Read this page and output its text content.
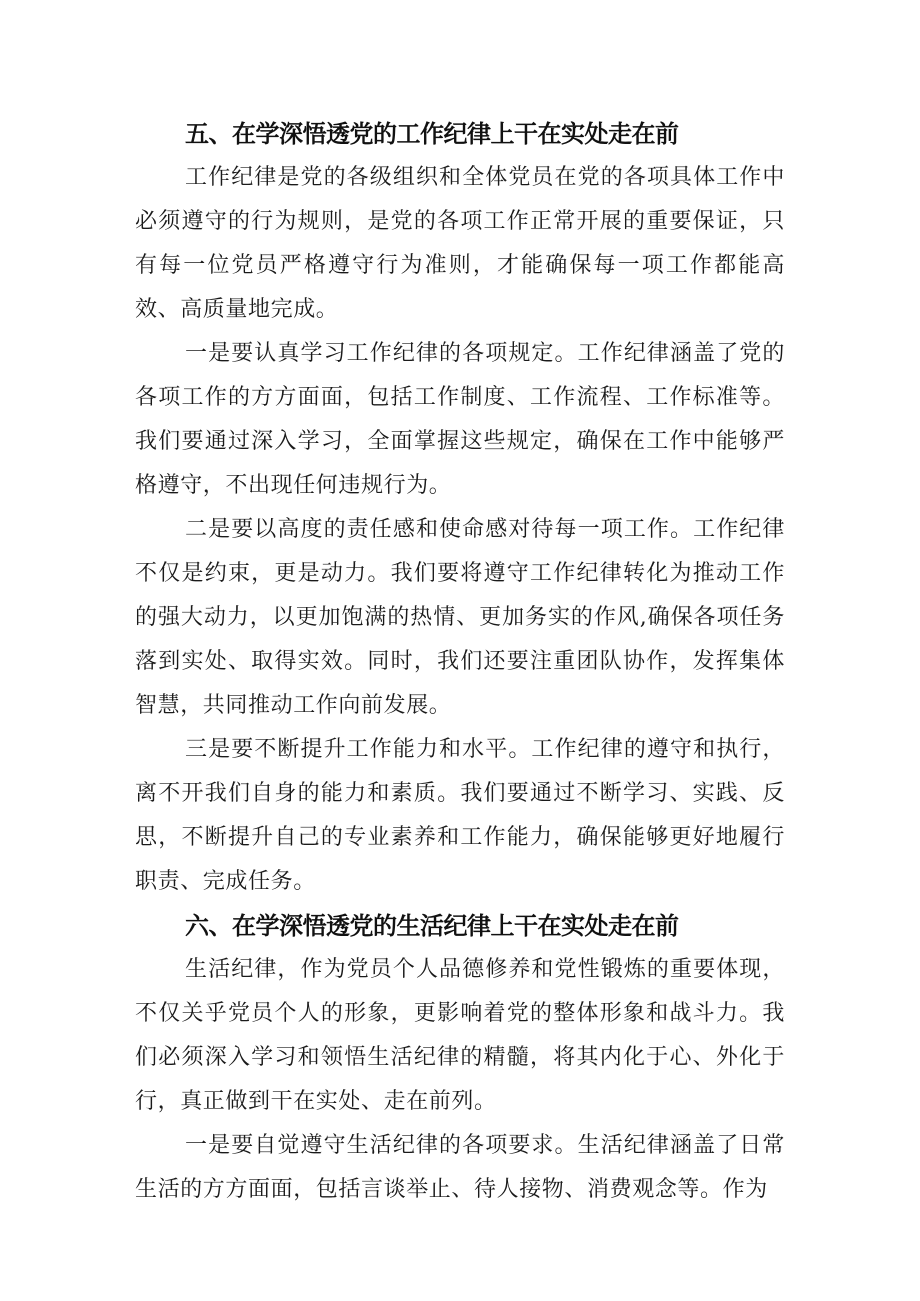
五、在学深悟透党的工作纪律上干在实处走在前

工作纪律是党的各级组织和全体党员在党的各项具体工作中必须遵守的行为规则，是党的各项工作正常开展的重要保证，只有每一位党员严格遵守行为准则，才能确保每一项工作都能高效、高质量地完成。

一是要认真学习工作纪律的各项规定。工作纪律涵盖了党的各项工作的方方面面，包括工作制度、工作流程、工作标准等。我们要通过深入学习，全面掌握这些规定，确保在工作中能够严格遵守，不出现任何违规行为。

二是要以高度的责任感和使命感对待每一项工作。工作纪律不仅是约束，更是动力。我们要将遵守工作纪律转化为推动工作的强大动力，以更加饱满的热情、更加务实的作风,确保各项任务落到实处、取得实效。同时，我们还要注重团队协作，发挥集体智慧，共同推动工作向前发展。

三是要不断提升工作能力和水平。工作纪律的遵守和执行，离不开我们自身的能力和素质。我们要通过不断学习、实践、反思，不断提升自己的专业素养和工作能力，确保能够更好地履行职责、完成任务。

六、在学深悟透党的生活纪律上干在实处走在前

生活纪律，作为党员个人品德修养和党性锻炼的重要体现，不仅关乎党员个人的形象，更影响着党的整体形象和战斗力。我们必须深入学习和领悟生活纪律的精髓，将其内化于心、外化于行，真正做到干在实处、走在前列。

一是要自觉遵守生活纪律的各项要求。生活纪律涵盖了日常生活的方方面面，包括言谈举止、待人接物、消费观念等。作为
